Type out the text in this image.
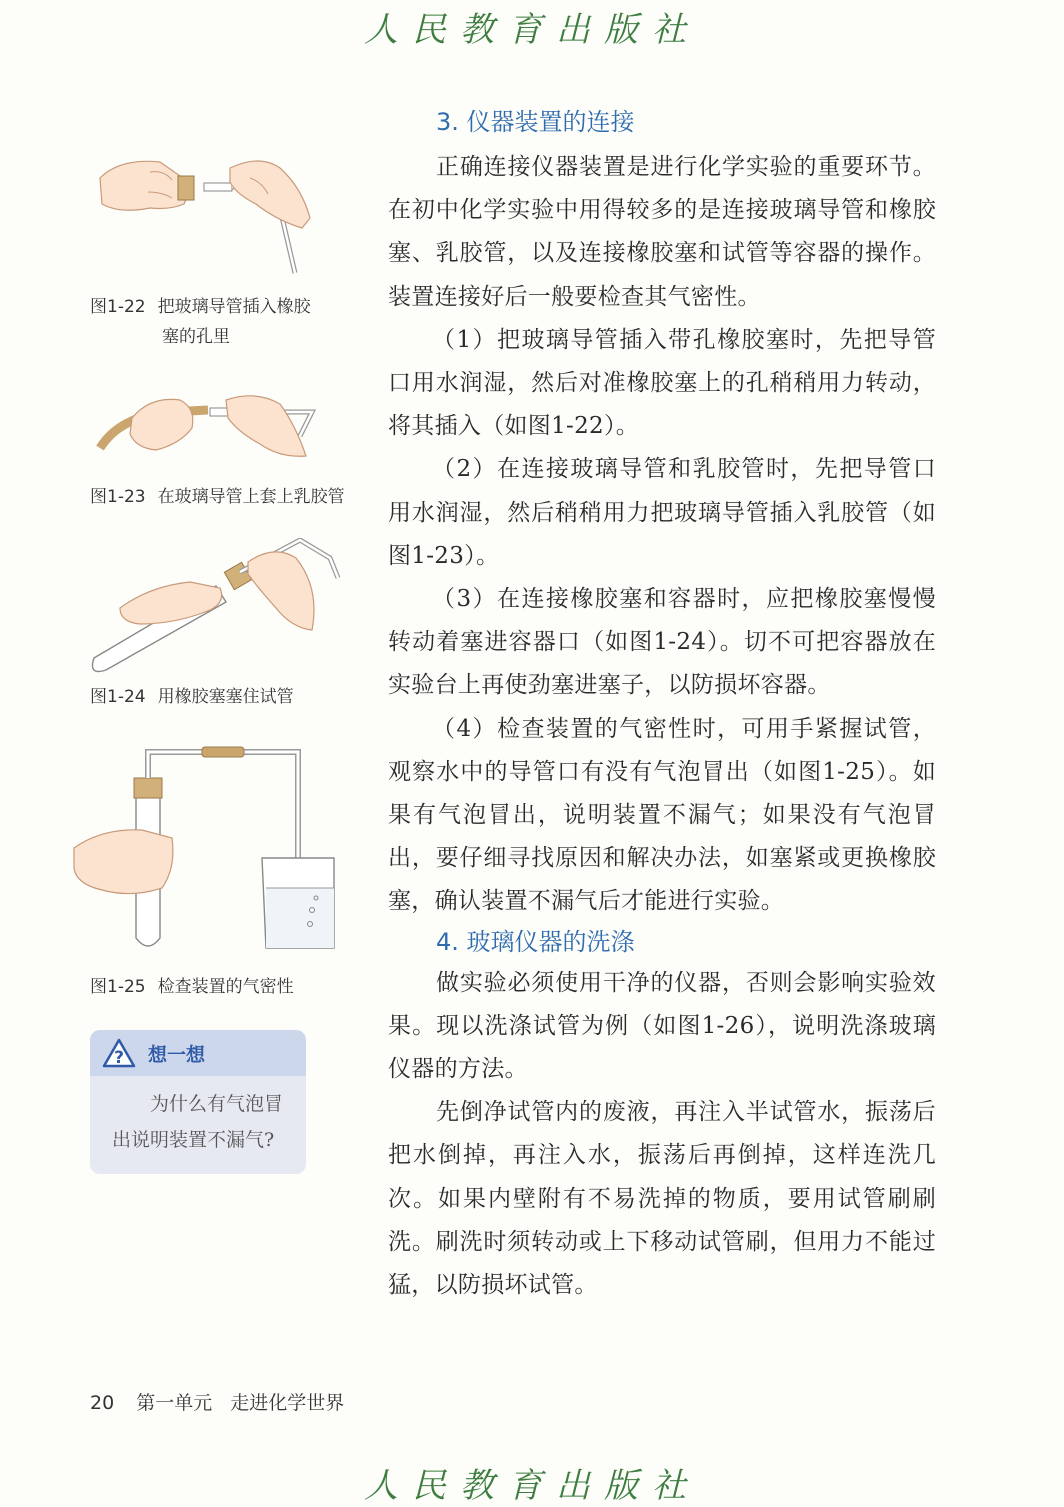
人民教育出版社
3. 仪器装置的连接

正确连接仪器装置是进行化学实验的重要环节。在初中化学实验中用得较多的是连接玻璃导管和橡胶塞、乳胶管，以及连接橡胶塞和试管等容器的操作。装置连接好后一般要检查其气密性。

（1）把玻璃导管插入带孔橡胶塞时，先把导管口用水润湿，然后对准橡胶塞上的孔稍稍用力转动，将其插入（如图1-22）。

（2）在连接玻璃导管和乳胶管时，先把导管口用水润湿，然后稍稍用力把玻璃导管插入乳胶管（如图1-23）。

（3）在连接橡胶塞和容器时，应把橡胶塞慢慢转动着塞进容器口（如图1-24）。切不可把容器放在实验台上再使劲塞进塞子，以防损坏容器。

（4）检查装置的气密性时，可用手紧握试管，观察水中的导管口有没有气泡冒出（如图1-25）。如果有气泡冒出，说明装置不漏气；如果没有气泡冒出，要仔细寻找原因和解决办法，如塞紧或更换橡胶塞，确认装置不漏气后才能进行实验。

4. 玻璃仪器的洗涤

做实验必须使用干净的仪器，否则会影响实验效果。现以洗涤试管为例（如图1-26），说明洗涤玻璃仪器的方法。

先倒净试管内的废液，再注入半试管水，振荡后把水倒掉，再注入水，振荡后再倒掉，这样连洗几次。如果内壁附有不易洗掉的物质，要用试管刷刷洗。刷洗时须转动或上下移动试管刷，但用力不能过猛，以防损坏试管。

图1-22 把玻璃导管插入橡胶
塞的孔里
图1-23 在玻璃导管上套上乳胶管
图1-24 用橡胶塞塞住试管
图1-25 检查装置的气密性
? 想一想
为什么有气泡冒出说明装置不漏气?
20 第一单元 走进化学世界
人民教育出版社
